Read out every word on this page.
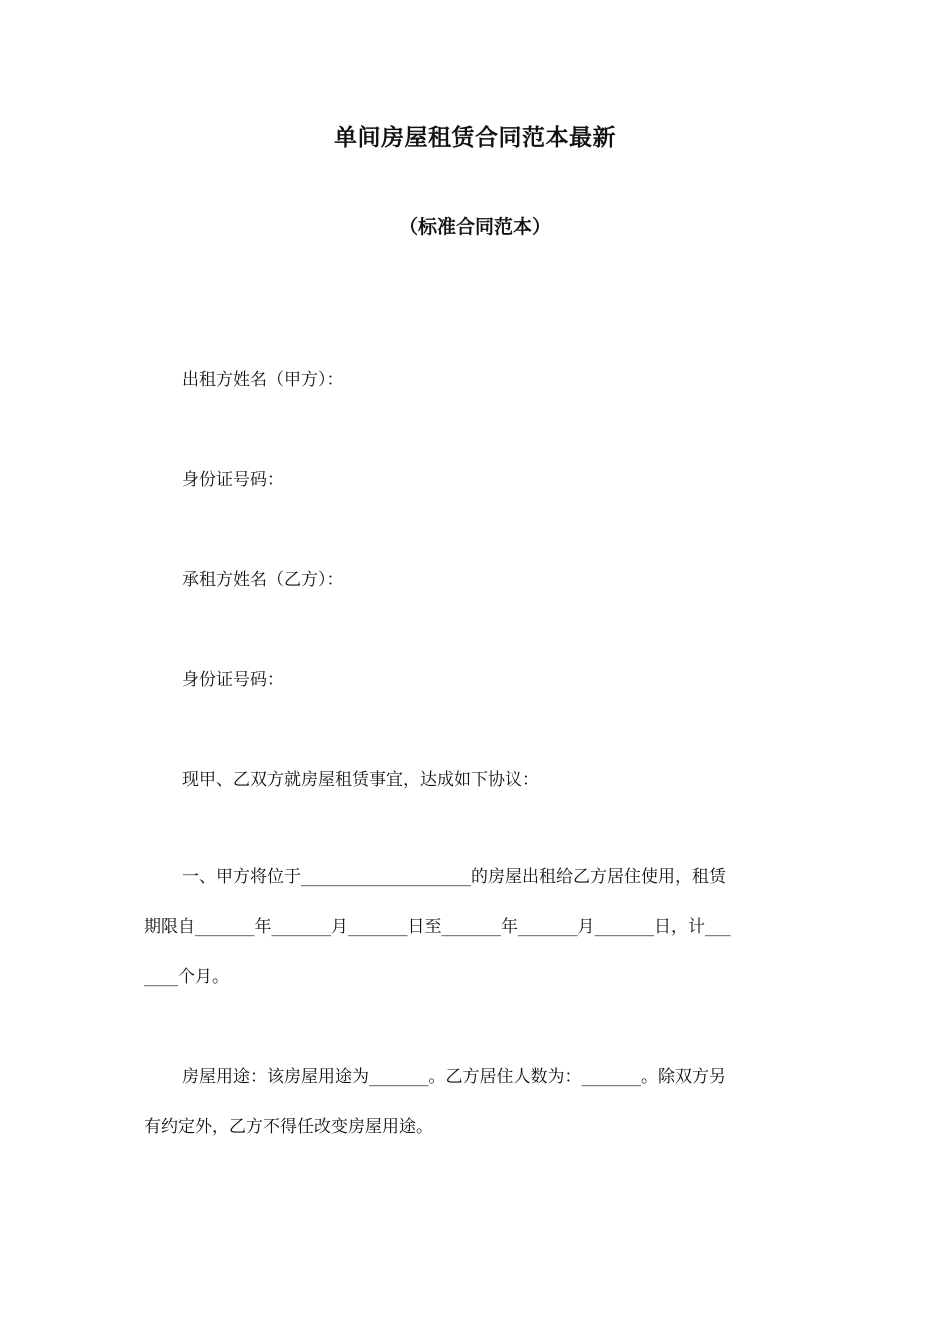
单间房屋租赁合同范本最新
（标准合同范本）
出租方姓名（甲方）：
身份证号码：
承租方姓名（乙方）：
身份证号码：
现甲、乙双方就房屋租赁事宜，达成如下协议：
一、甲方将位于____________________的房屋出租给乙方居住使用，租赁
期限自_______年_______月_______日至_______年_______月_______日，计___
____个月。
房屋用途：该房屋用途为_______。乙方居住人数为：_______。除双方另
有约定外，乙方不得任改变房屋用途。
